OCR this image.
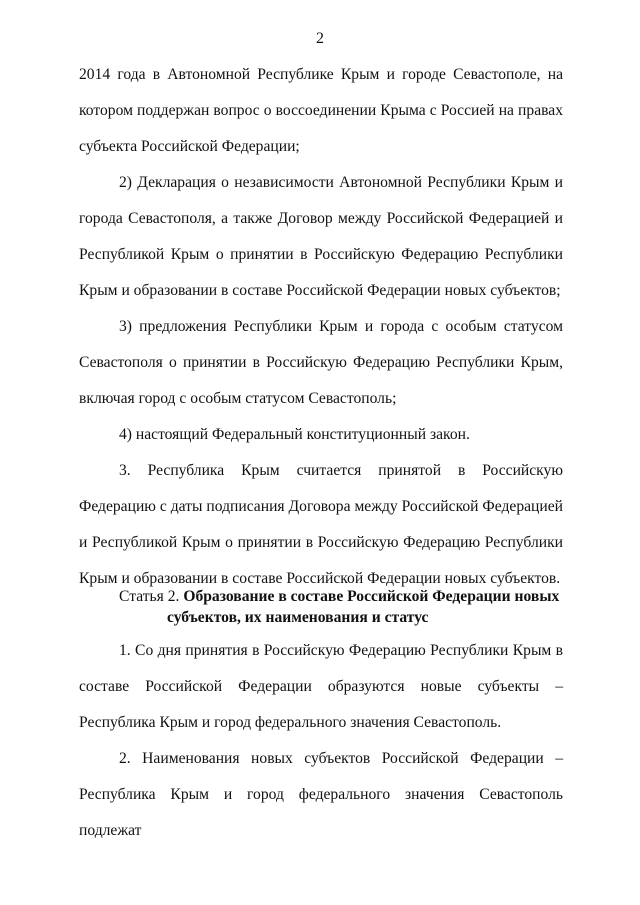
2

2014 года в Автономной Республике Крым и городе Севастополе, на котором поддержан вопрос о воссоединении Крыма с Россией на правах субъекта Российской Федерации;

2) Декларация о независимости Автономной Республики Крым и города Севастополя, а также Договор между Российской Федерацией и Республикой Крым о принятии в Российскую Федерацию Республики Крым и образовании в составе Российской Федерации новых субъектов;

3) предложения Республики Крым и города с особым статусом Севастополя о принятии в Российскую Федерацию Республики Крым, включая город с особым статусом Севастополь;

4) настоящий Федеральный конституционный закон.

3. Республика Крым считается принятой в Российскую Федерацию с даты подписания Договора между Российской Федерацией и Республикой Крым о принятии в Российскую Федерацию Республики Крым и образовании в составе Российской Федерации новых субъектов.

Статья 2. Образование в составе Российской Федерации новых
субъектов, их наименования и статус

1. Со дня принятия в Российскую Федерацию Республики Крым в составе Российской Федерации образуются новые субъекты – Республика Крым и город федерального значения Севастополь.

2. Наименования новых субъектов Российской Федерации – Республика Крым и город федерального значения Севастополь подлежат
